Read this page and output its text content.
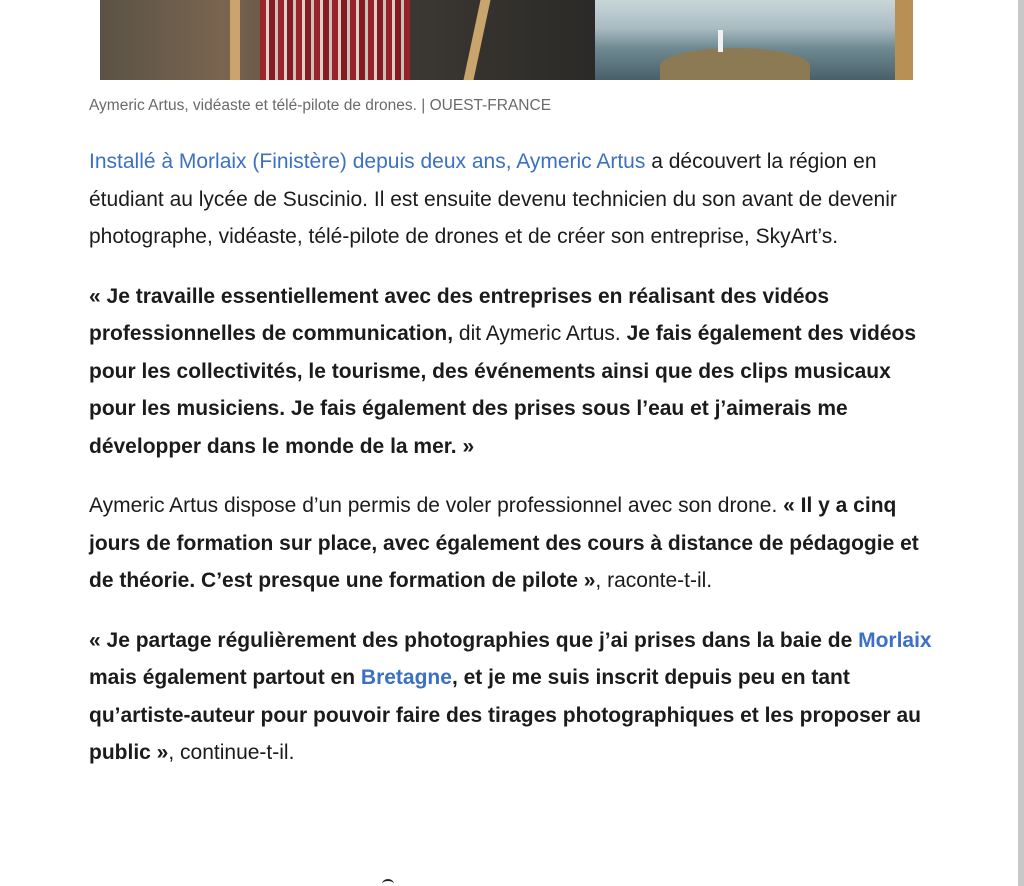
Aymeric Artus, vidéaste et télé-pilote de drones. | OUEST-FRANCE

Installé à Morlaix (Finistère) depuis deux ans, Aymeric Artus a découvert la région en étudiant au lycée de Suscinio. Il est ensuite devenu technicien du son avant de devenir photographe, vidéaste, télé-pilote de drones et de créer son entreprise, SkyArt’s.

« Je travaille essentiellement avec des entreprises en réalisant des vidéos professionnelles de communication, dit Aymeric Artus. Je fais également des vidéos pour les collectivités, le tourisme, des événements ainsi que des clips musicaux pour les musiciens. Je fais également des prises sous l’eau et j’aimerais me développer dans le monde de la mer. »

Aymeric Artus dispose d’un permis de voler professionnel avec son drone. « Il y a cinq jours de formation sur place, avec également des cours à distance de pédagogie et de théorie. C’est presque une formation de pilote », raconte-t-il.

« Je partage régulièrement des photographies que j’ai prises dans la baie de Morlaix mais également partout en Bretagne, et je me suis inscrit depuis peu en tant qu’artiste-auteur pour pouvoir faire des tirages photographiques et les proposer au public », continue-t-il.
